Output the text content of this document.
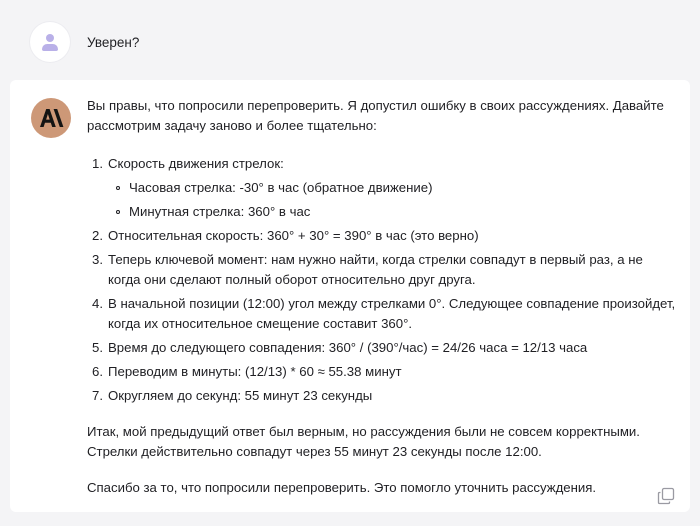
Уверен?

Вы правы, что попросили перепроверить. Я допустил ошибку в своих рассуждениях. Давайте рассмотрим задачу заново и более тщательно:

1. Скорость движения стрелок:
Часовая стрелка: -30° в час (обратное движение)
Минутная стрелка: 360° в час
2. Относительная скорость: 360° + 30° = 390° в час (это верно)
3. Теперь ключевой момент: нам нужно найти, когда стрелки совпадут в первый раз, а не когда они сделают полный оборот относительно друг друга.
4. В начальной позиции (12:00) угол между стрелками 0°. Следующее совпадение произойдет, когда их относительное смещение составит 360°.
5. Время до следующего совпадения: 360° / (390°/час) = 24/26 часа = 12/13 часа
6. Переводим в минуты: (12/13) * 60 ≈ 55.38 минут
7. Округляем до секунд: 55 минут 23 секунды

Итак, мой предыдущий ответ был верным, но рассуждения были не совсем корректными. Стрелки действительно совпадут через 55 минут 23 секунды после 12:00.

Спасибо за то, что попросили перепроверить. Это помогло уточнить рассуждения.
